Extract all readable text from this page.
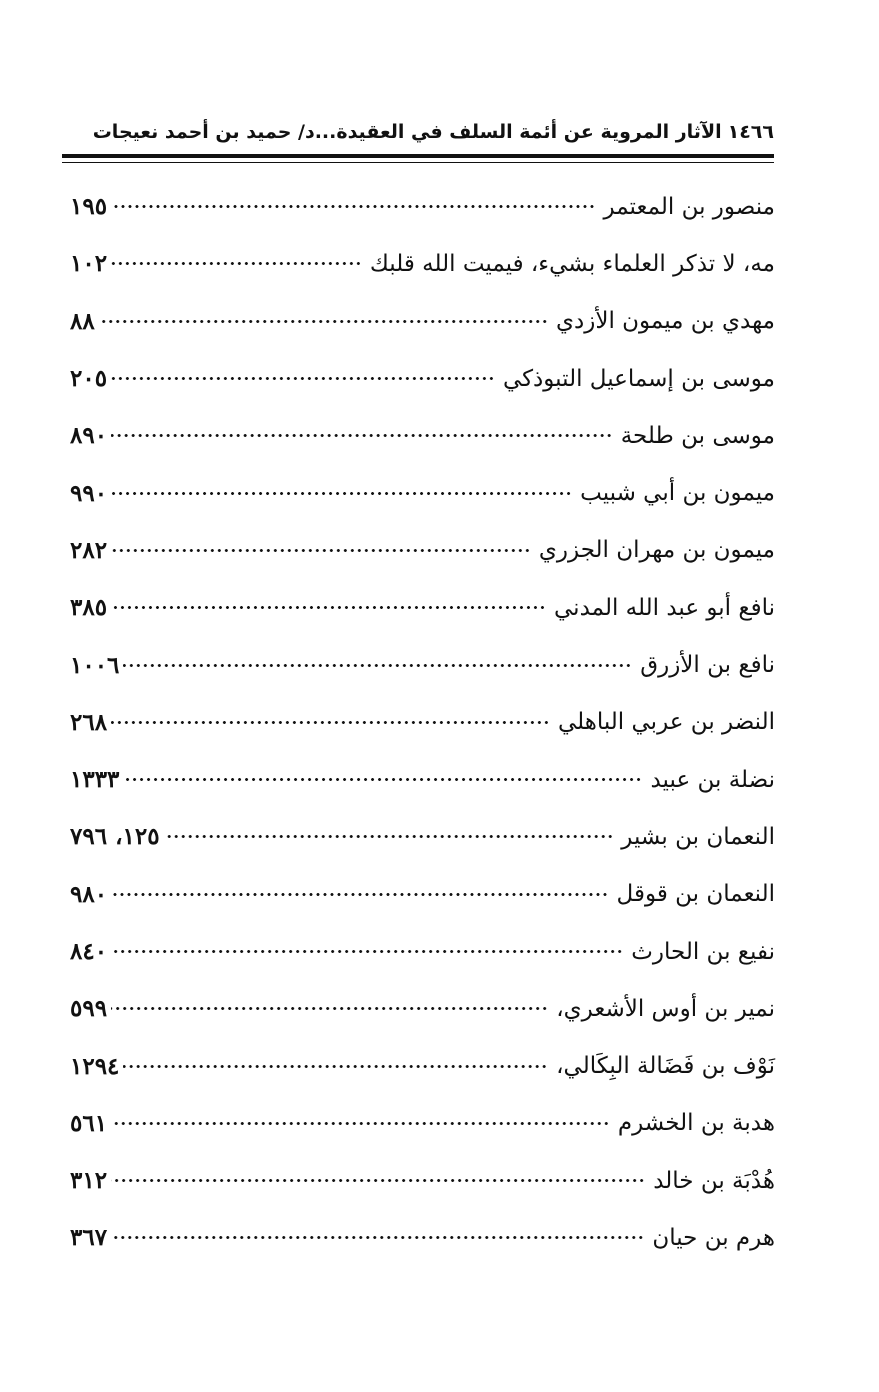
١٤٦٦
الآثار المروية عن أئمة السلف في العقيدة...د/ حميد بن أحمد نعيجات
منصور بن المعتمر
١٩٥
مه، لا تذكر العلماء بشيء، فيميت الله قلبك
١٠٢
مهدي بن ميمون الأزدي
٨٨
موسى بن إسماعيل التبوذكي
٢٠٥
موسى بن طلحة
٨٩٠
ميمون بن أبي شبيب
٩٩٠
ميمون بن مهران الجزري
٢٨٢
نافع أبو عبد الله المدني
٣٨٥
نافع بن الأزرق
١٠٠٦
النضر بن عربي الباهلي
٢٦٨
نضلة بن عبيد
١٣٣٣
النعمان بن بشير
١٢٥، ٧٩٦
النعمان بن قوقل
٩٨٠
نفيع بن الحارث
٨٤٠
نمير بن أوس الأشعري،
٥٩٩
نَوْف بن فَضَالة البِكَالي،
١٢٩٤
هدبة بن الخشرم
٥٦١
هُدْبَة بن خالد
٣١٢
هرم بن حيان
٣٦٧
